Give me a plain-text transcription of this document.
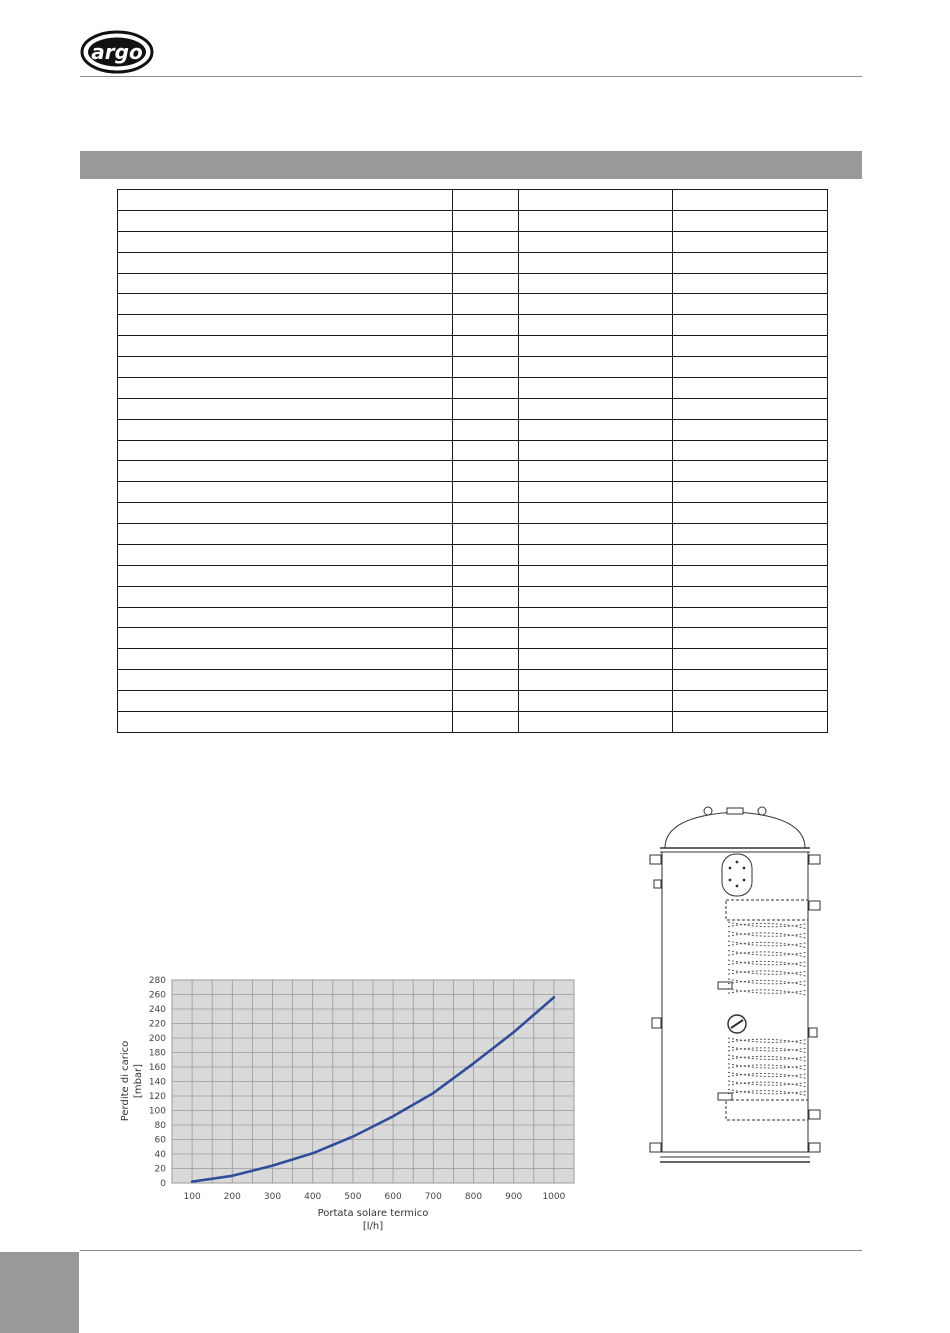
argo

0
20
40
60
80
100
120
140
160
180
200
220
240
260
280
100	200	300	400	500	600	700	800	900 1000
Portata solare termico
[l/h]
Perdite di carico [mbar]
